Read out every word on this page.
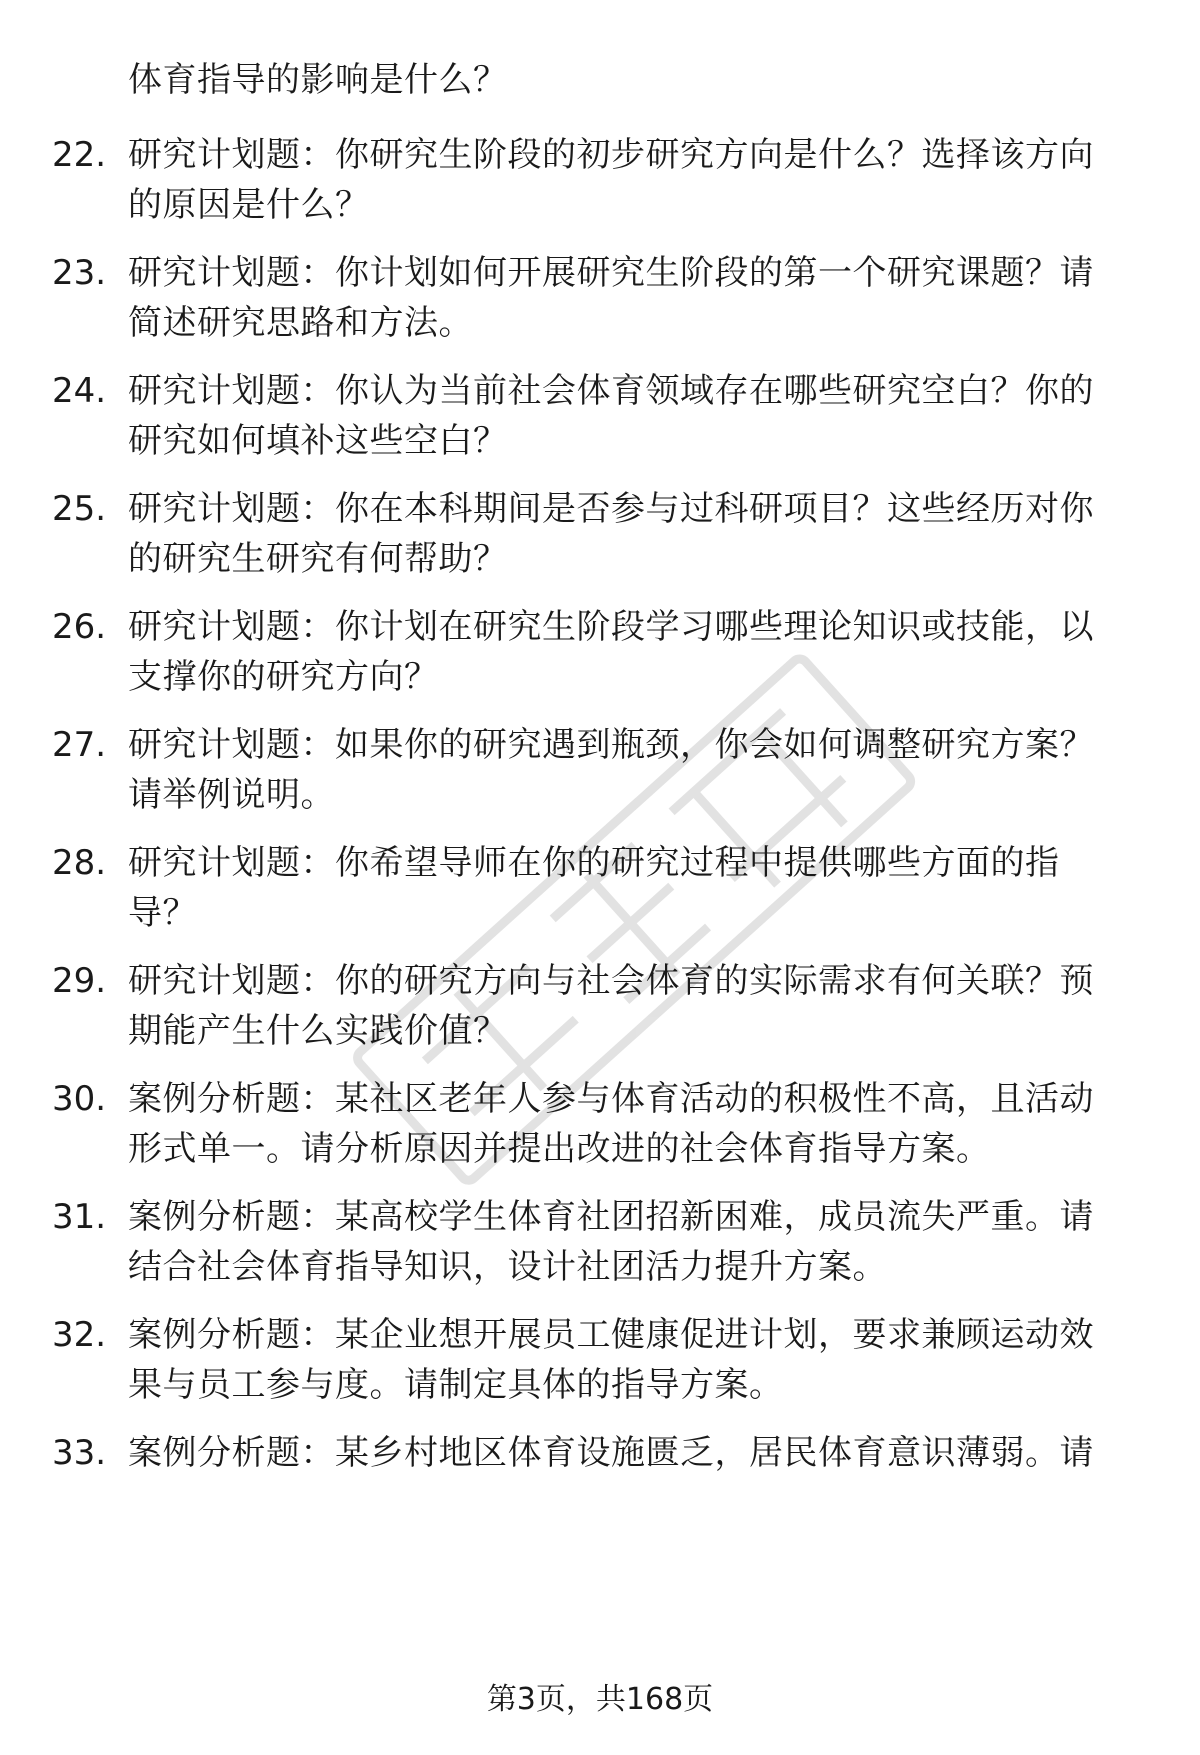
体育指导的影响是什么？
22. 研究计划题：你研究生阶段的初步研究方向是什么？选择该方向
的原因是什么？
23. 研究计划题：你计划如何开展研究生阶段的第一个研究课题？请
简述研究思路和方法。
24. 研究计划题：你认为当前社会体育领域存在哪些研究空白？你的
研究如何填补这些空白？
25. 研究计划题：你在本科期间是否参与过科研项目？这些经历对你
的研究生研究有何帮助？
26. 研究计划题：你计划在研究生阶段学习哪些理论知识或技能，以
支撑你的研究方向？
27. 研究计划题：如果你的研究遇到瓶颈，你会如何调整研究方案？
请举例说明。
28. 研究计划题：你希望导师在你的研究过程中提供哪些方面的指
导？
29. 研究计划题：你的研究方向与社会体育的实际需求有何关联？预
期能产生什么实践价值？
30. 案例分析题：某社区老年人参与体育活动的积极性不高，且活动
形式单一。请分析原因并提出改进的社会体育指导方案。
31. 案例分析题：某高校学生体育社团招新困难，成员流失严重。请
结合社会体育指导知识，设计社团活力提升方案。
32. 案例分析题：某企业想开展员工健康促进计划，要求兼顾运动效
果与员工参与度。请制定具体的指导方案。
33. 案例分析题：某乡村地区体育设施匮乏，居民体育意识薄弱。请
第3页，共168页
